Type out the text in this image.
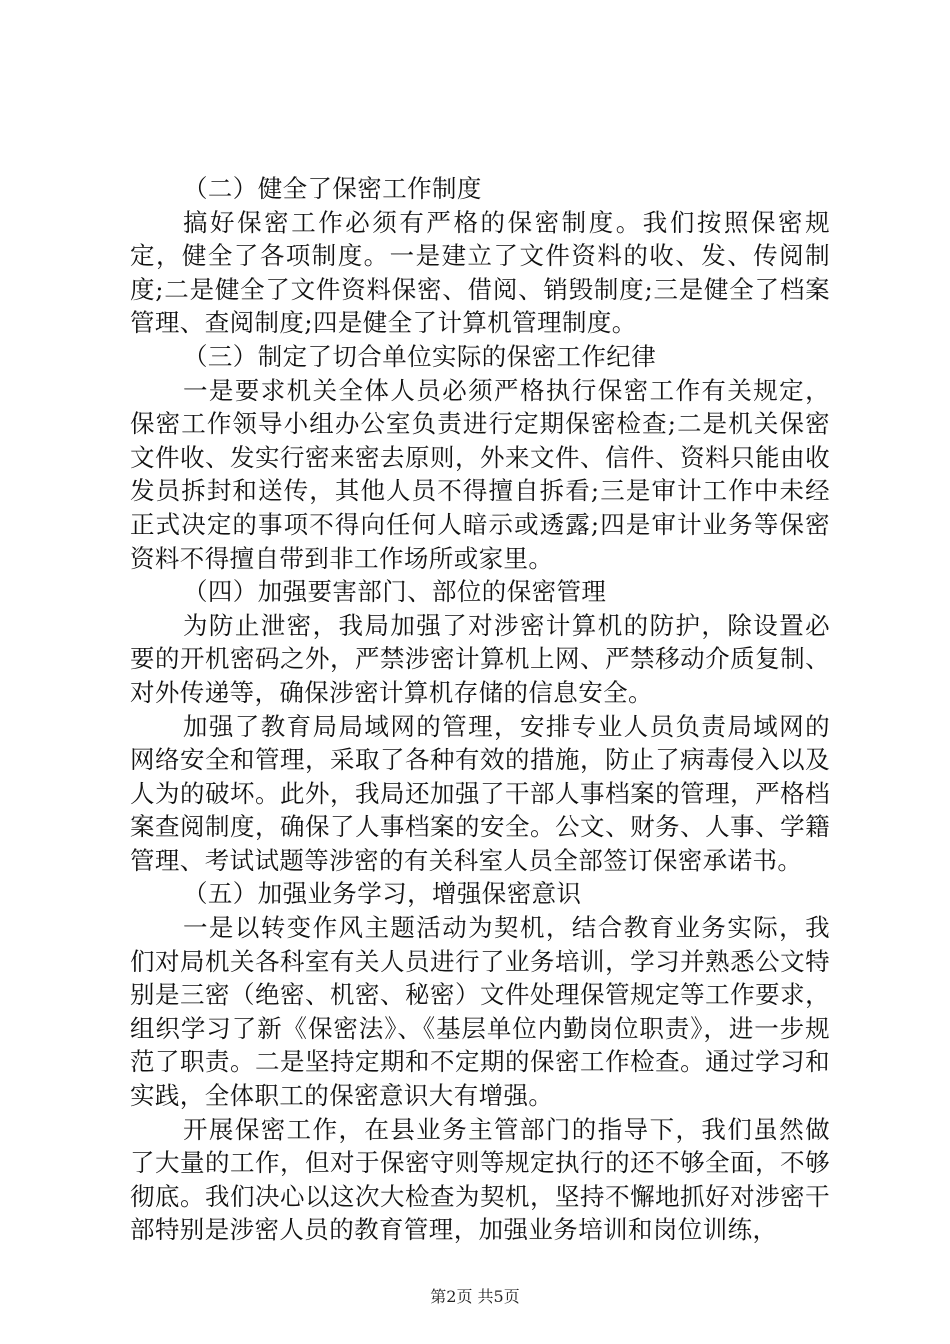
（二）健全了保密工作制度

搞好保密工作必须有严格的保密制度。我们按照保密规定，健全了各项制度。一是建立了文件资料的收、发、传阅制度;二是健全了文件资料保密、借阅、销毁制度;三是健全了档案管理、查阅制度;四是健全了计算机管理制度。

（三）制定了切合单位实际的保密工作纪律

一是要求机关全体人员必须严格执行保密工作有关规定，保密工作领导小组办公室负责进行定期保密检查;二是机关保密文件收、发实行密来密去原则，外来文件、信件、资料只能由收发员拆封和送传，其他人员不得擅自拆看;三是审计工作中未经正式决定的事项不得向任何人暗示或透露;四是审计业务等保密资料不得擅自带到非工作场所或家里。

（四）加强要害部门、部位的保密管理

为防止泄密，我局加强了对涉密计算机的防护，除设置必要的开机密码之外，严禁涉密计算机上网、严禁移动介质复制、对外传递等，确保涉密计算机存储的信息安全。

加强了教育局局域网的管理，安排专业人员负责局域网的网络安全和管理，采取了各种有效的措施，防止了病毒侵入以及人为的破坏。此外，我局还加强了干部人事档案的管理，严格档案查阅制度，确保了人事档案的安全。公文、财务、人事、学籍管理、考试试题等涉密的有关科室人员全部签订保密承诺书。

（五）加强业务学习，增强保密意识

一是以转变作风主题活动为契机，结合教育业务实际，我们对局机关各科室有关人员进行了业务培训，学习并熟悉公文特别是三密（绝密、机密、秘密）文件处理保管规定等工作要求，组织学习了新《保密法》、《基层单位内勤岗位职责》，进一步规范了职责。二是坚持定期和不定期的保密工作检查。通过学习和实践，全体职工的保密意识大有增强。

开展保密工作，在县业务主管部门的指导下，我们虽然做了大量的工作，但对于保密守则等规定执行的还不够全面，不够彻底。我们决心以这次大检查为契机，坚持不懈地抓好对涉密干部特别是涉密人员的教育管理，加强业务培训和岗位训练，

第2页 共5页
